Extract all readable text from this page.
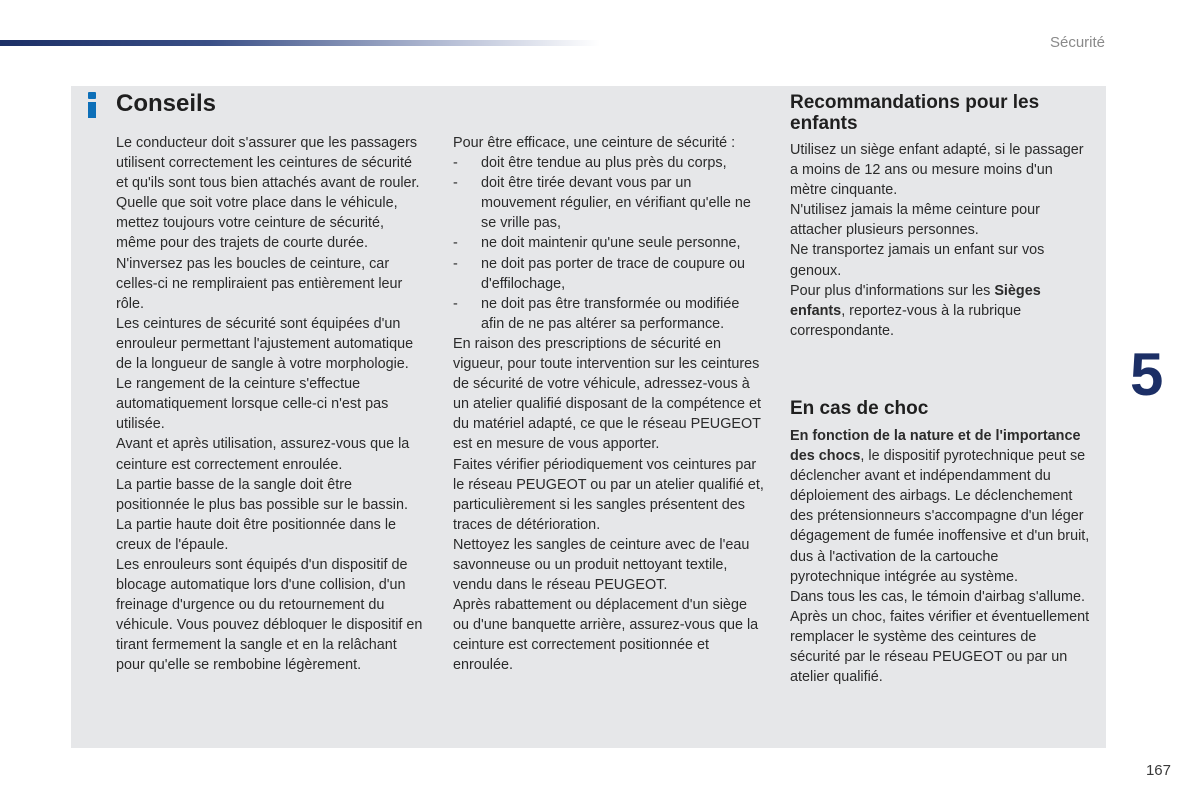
Sécurité
Conseils

Le conducteur doit s'assurer que les passagers utilisent correctement les ceintures de sécurité et qu'ils sont tous bien attachés avant de rouler.

Quelle que soit votre place dans le véhicule, mettez toujours votre ceinture de sécurité, même pour des trajets de courte durée.

N'inversez pas les boucles de ceinture, car celles-ci ne rempliraient pas entièrement leur rôle.

Les ceintures de sécurité sont équipées d'un enrouleur permettant l'ajustement automatique de la longueur de sangle à votre morphologie. Le rangement de la ceinture s'effectue automatiquement lorsque celle-ci n'est pas utilisée.

Avant et après utilisation, assurez-vous que la ceinture est correctement enroulée.

La partie basse de la sangle doit être positionnée le plus bas possible sur le bassin.

La partie haute doit être positionnée dans le creux de l'épaule.

Les enrouleurs sont équipés d'un dispositif de blocage automatique lors d'une collision, d'un freinage d'urgence ou du retournement du véhicule. Vous pouvez débloquer le dispositif en tirant fermement la sangle et en la relâchant pour qu'elle se rembobine légèrement.

Pour être efficace, une ceinture de sécurité :

-	doit être tendue au plus près du corps,
-	doit être tirée devant vous par un mouvement régulier, en vérifiant qu'elle ne se vrille pas,
-	ne doit maintenir qu'une seule personne,
-	ne doit pas porter de trace de coupure ou d'effilochage,
-	ne doit pas être transformée ou modifiée afin de ne pas altérer sa performance.

En raison des prescriptions de sécurité en vigueur, pour toute intervention sur les ceintures de sécurité de votre véhicule, adressez-vous à un atelier qualifié disposant de la compétence et du matériel adapté, ce que le réseau PEUGEOT est en mesure de vous apporter.

Faites vérifier périodiquement vos ceintures par le réseau PEUGEOT ou par un atelier qualifié et, particulièrement si les sangles présentent des traces de détérioration.

Nettoyez les sangles de ceinture avec de l'eau savonneuse ou un produit nettoyant textile, vendu dans le réseau PEUGEOT.

Après rabattement ou déplacement d'un siège ou d'une banquette arrière, assurez-vous que la ceinture est correctement positionnée et enroulée.

Recommandations pour les enfants

Utilisez un siège enfant adapté, si le passager a moins de 12 ans ou mesure moins d'un mètre cinquante.

N'utilisez jamais la même ceinture pour attacher plusieurs personnes.

Ne transportez jamais un enfant sur vos genoux.

Pour plus d'informations sur les Sièges enfants, reportez-vous à la rubrique correspondante.

En cas de choc

En fonction de la nature et de l'importance des chocs, le dispositif pyrotechnique peut se déclencher avant et indépendamment du déploiement des airbags. Le déclenchement des prétensionneurs s'accompagne d'un léger dégagement de fumée inoffensive et d'un bruit, dus à l'activation de la cartouche pyrotechnique intégrée au système.

Dans tous les cas, le témoin d'airbag s'allume.

Après un choc, faites vérifier et éventuellement remplacer le système des ceintures de sécurité par le réseau PEUGEOT ou par un atelier qualifié.

5
167
